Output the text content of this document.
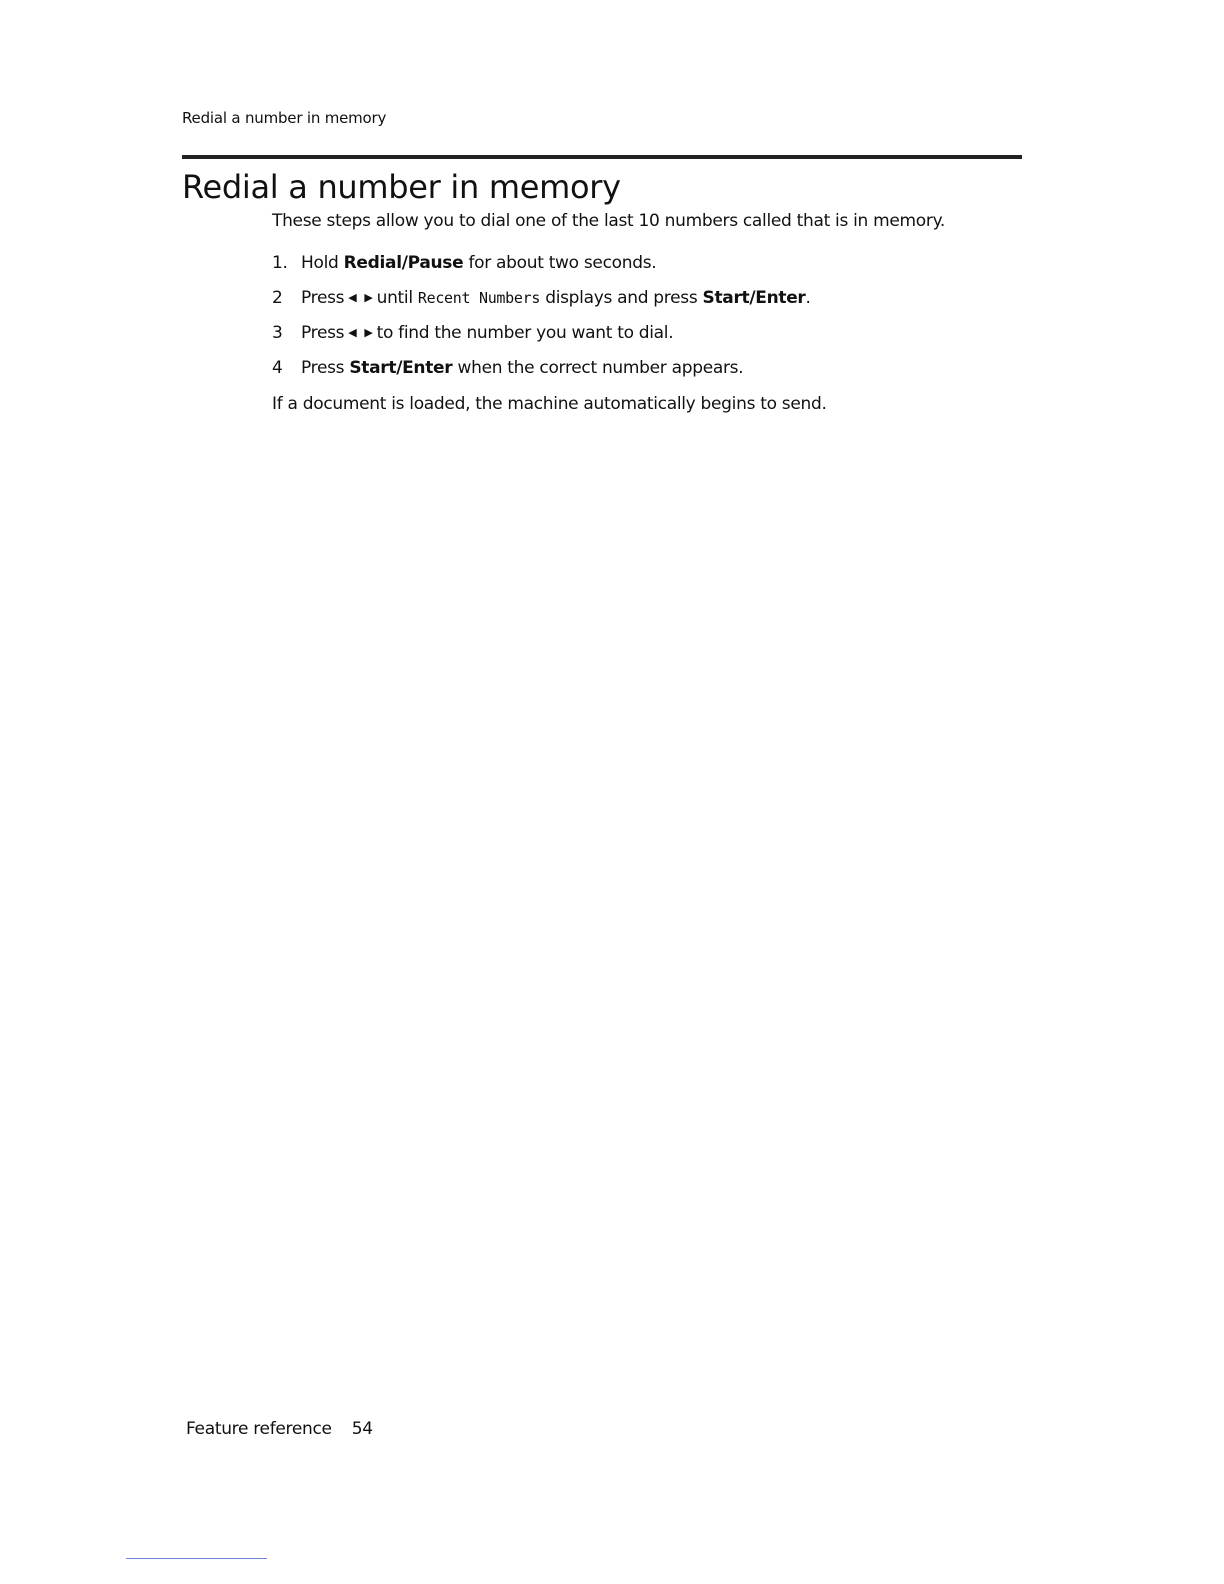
Redial a number in memory
Redial a number in memory

These steps allow you to dial one of the last 10 numbers called that is in memory.

1. Hold Redial/Pause for about two seconds.
2 Press ◀ ▶ until Recent Numbers displays and press Start/Enter.
3 Press ◀ ▶ to find the number you want to dial.
4 Press Start/Enter when the correct number appears.

If a document is loaded, the machine automatically begins to send.

Feature reference 54
